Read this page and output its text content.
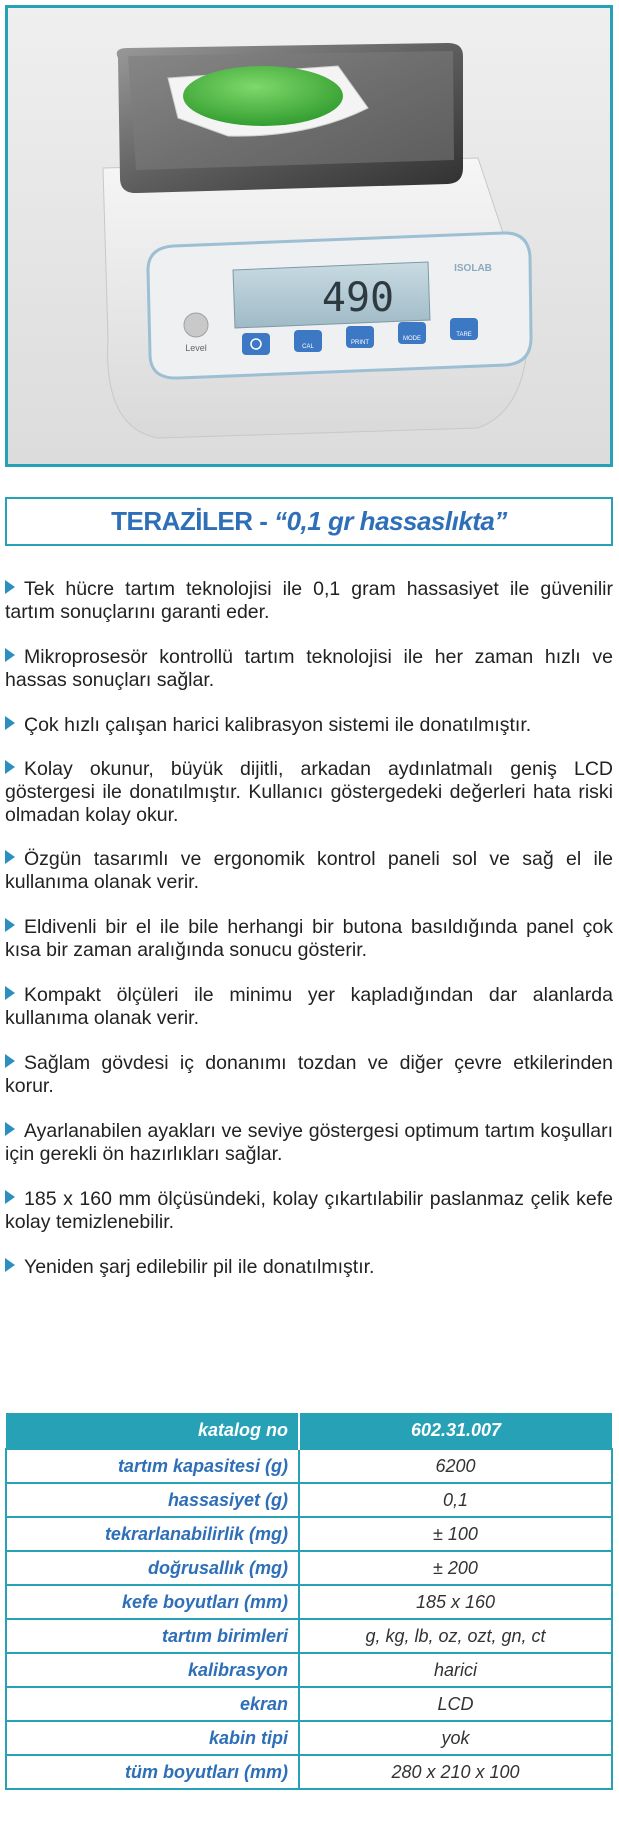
490
ISOLAB
Level	CAL
PRINT
MODE
TARE
TERAZİLER - “0,1 gr hassaslıkta”

Tek hücre tartım teknolojisi ile 0,1 gram hassasiyet ile güvenilir tartım sonuçlarını garanti eder.

Mikroprosesör kontrollü tartım teknolojisi ile her zaman hızlı ve hassas sonuçları sağlar.

Çok hızlı çalışan harici kalibrasyon sistemi ile donatılmıştır.

Kolay okunur, büyük dijitli, arkadan aydınlatmalı geniş LCD göstergesi ile donatılmıştır. Kullanıcı göstergedeki değerleri hata riski olmadan kolay okur.

Özgün tasarımlı ve ergonomik kontrol paneli sol ve sağ el ile kullanıma olanak verir.

Eldivenli bir el ile bile herhangi bir butona basıldığında panel çok kısa bir zaman aralığında sonucu gösterir.

Kompakt ölçüleri ile minimu yer kapladığından dar alanlarda kullanıma olanak verir.

Sağlam gövdesi iç donanımı tozdan ve diğer çevre etkilerinden korur.

Ayarlanabilen ayakları ve seviye göstergesi optimum tartım koşulları için gerekli ön hazırlıkları sağlar.

185 x 160 mm ölçüsündeki, kolay çıkartılabilir paslanmaz çelik kefe kolay temizlenebilir.

Yeniden şarj edilebilir pil ile donatılmıştır.

katalog no	602.31.007
tartım kapasitesi (g)	6200
hassasiyet (g)	0,1
tekrarlanabilirlik (mg)	± 100
doğrusallık (mg)	± 200
kefe boyutları (mm)	185 x 160
tartım birimleri	g, kg, lb, oz, ozt, gn, ct
kalibrasyon	harici
ekran	LCD
kabin tipi	yok
tüm boyutları (mm)	280 x 210 x 100
